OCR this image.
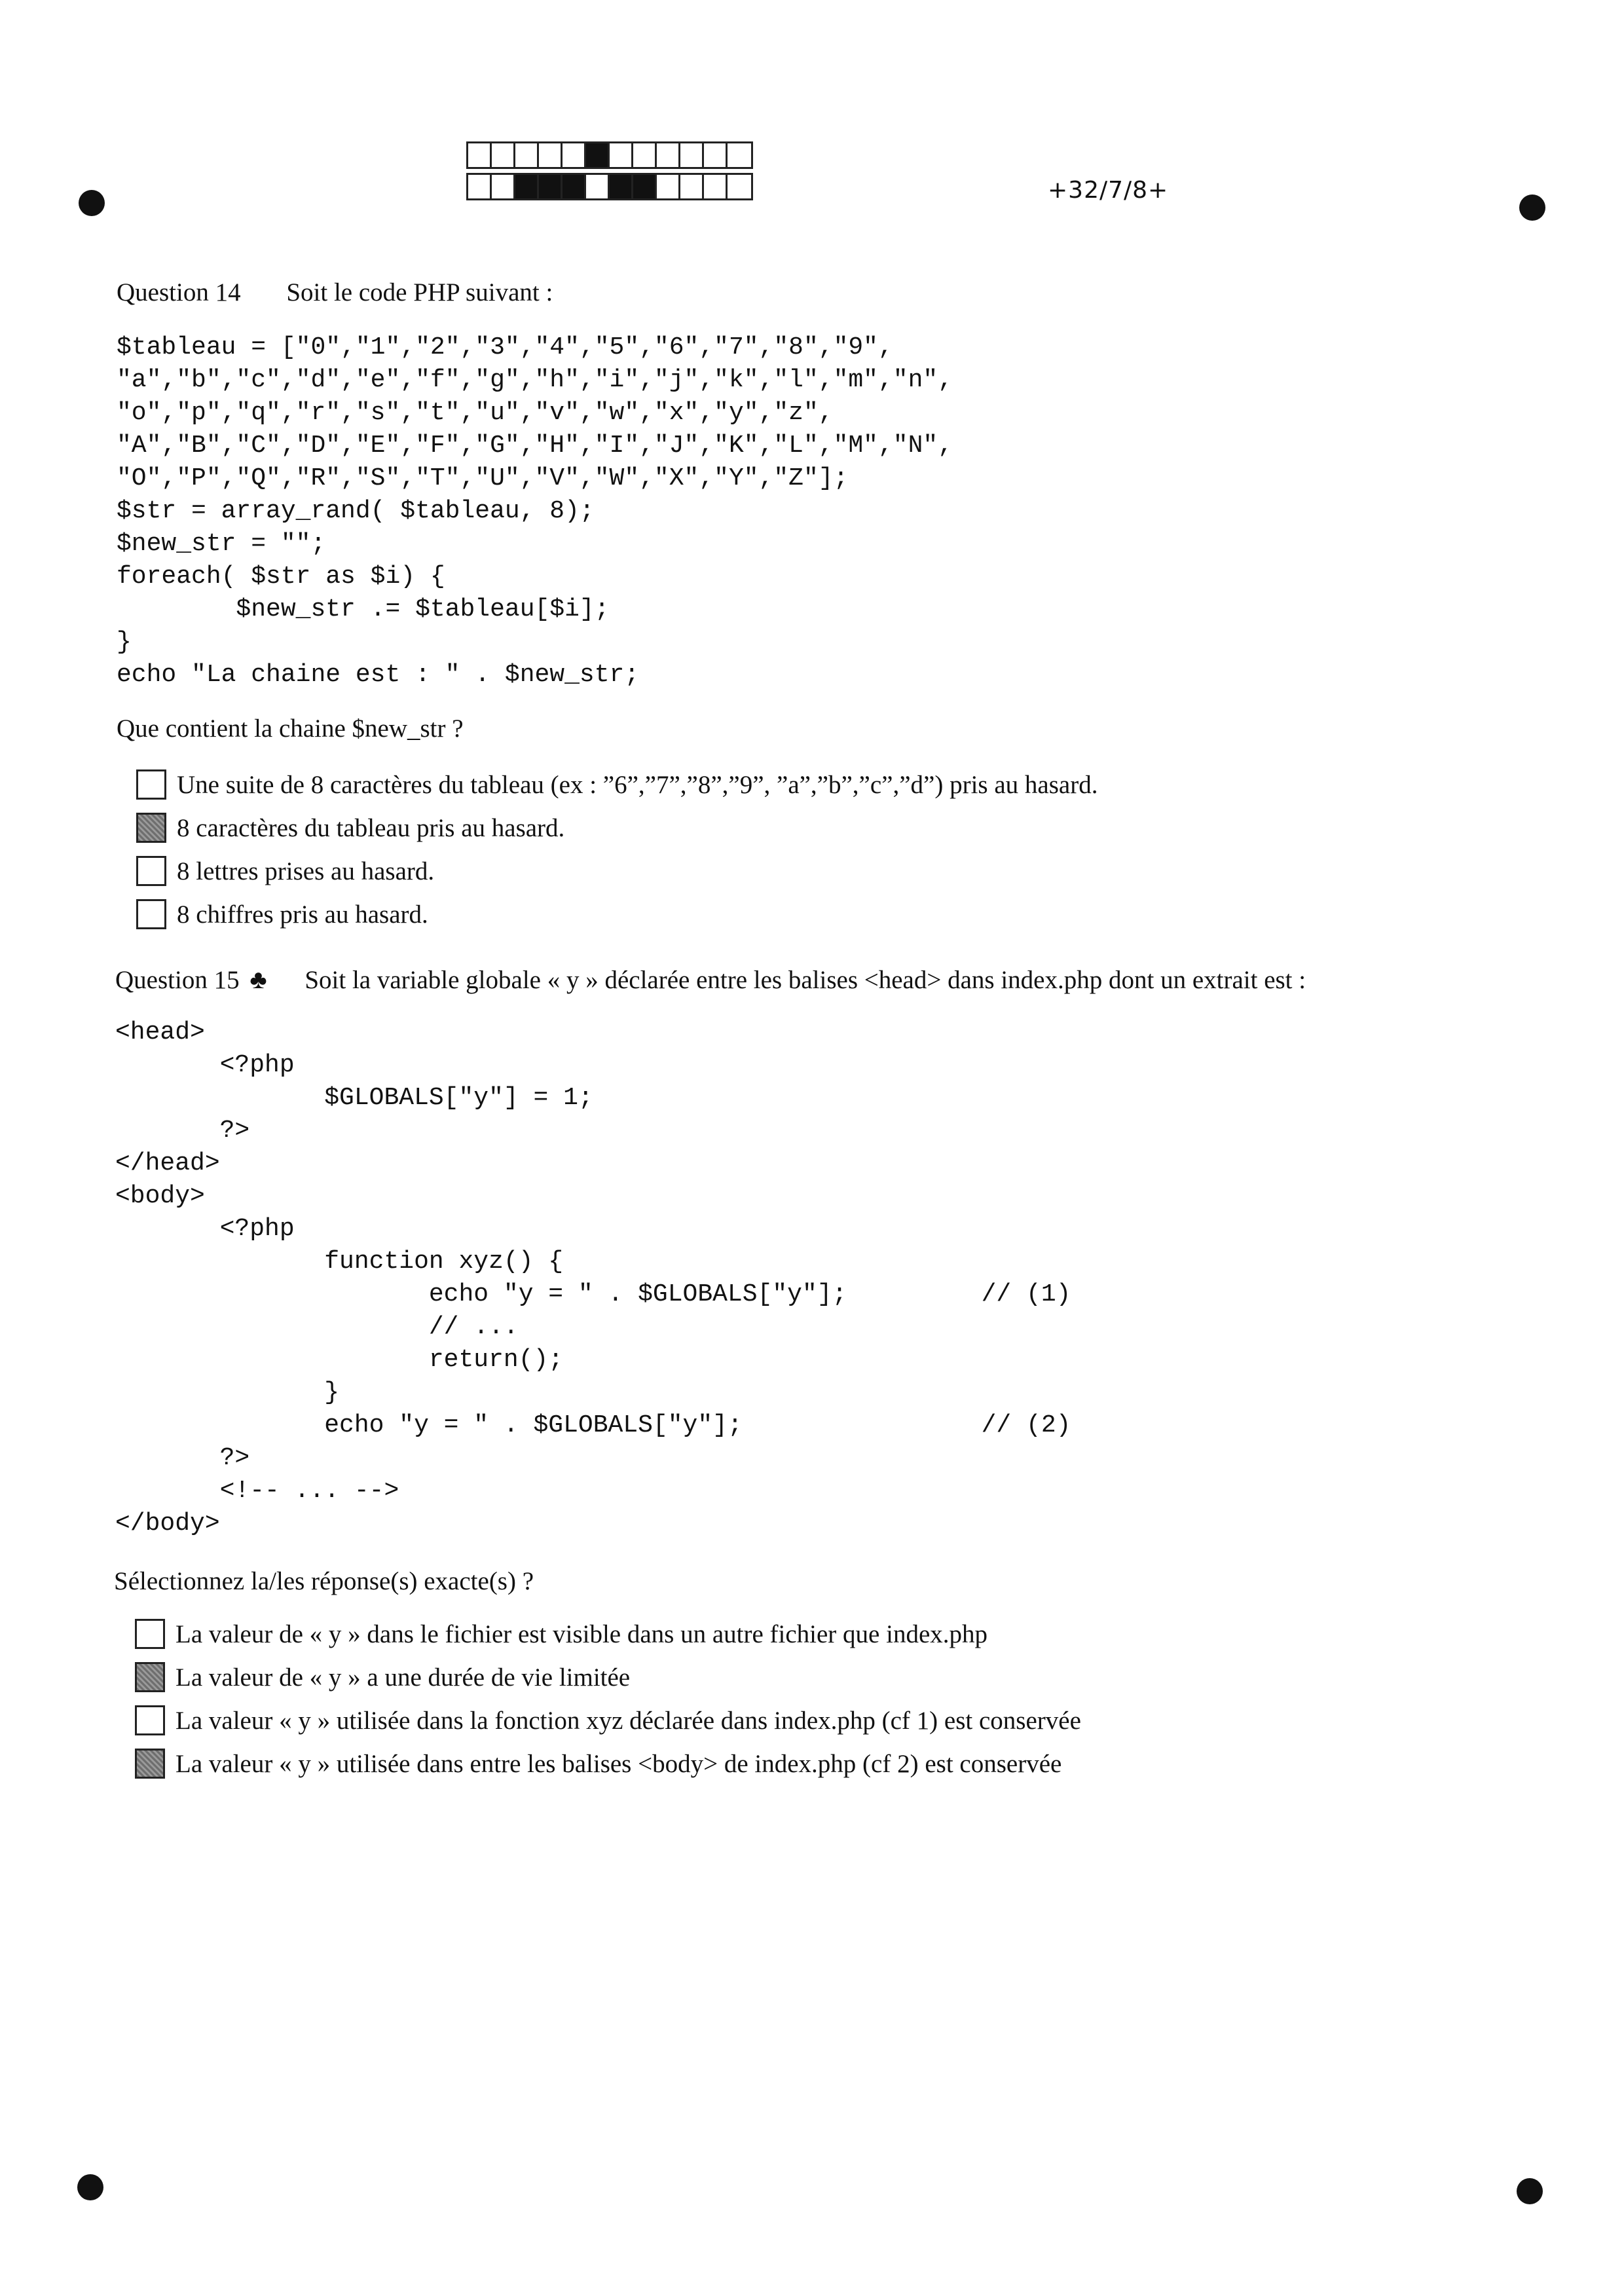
+32/7/8+
Question 14 Soit le code PHP suivant :
$tableau = ["0","1","2","3","4","5","6","7","8","9",
"a","b","c","d","e","f","g","h","i","j","k","l","m","n",
"o","p","q","r","s","t","u","v","w","x","y","z",
"A","B","C","D","E","F","G","H","I","J","K","L","M","N",
"O","P","Q","R","S","T","U","V","W","X","Y","Z"];
$str = array_rand( $tableau, 8);
$new_str = "";
foreach( $str as $i) {
$new_str .= $tableau[$i];
}
echo "La chaine est : " . $new_str;
Que contient la chaine $new_str ?
Une suite de 8 caractères du tableau (ex : ”6”,”7”,”8”,”9”, ”a”,”b”,”c”,”d”) pris au hasard.
8 caractères du tableau pris au hasard.
8 lettres prises au hasard.
8 chiffres pris au hasard.
Question 15 ♣ Soit la variable globale « y » déclarée entre les balises <head> dans index.php dont un extrait est :
<head>
<?php
$GLOBALS["y"] = 1;
?>
</head>
<body>
<?php
function xyz() {
echo "y = " . $GLOBALS["y"];         // (1)
// ...
return();
}
echo "y = " . $GLOBALS["y"];                // (2)
?>
<!-- ... -->
</body>
Sélectionnez la/les réponse(s) exacte(s) ?
La valeur de « y » dans le fichier est visible dans un autre fichier que index.php
La valeur de « y » a une durée de vie limitée
La valeur « y » utilisée dans la fonction xyz déclarée dans index.php (cf 1) est conservée
La valeur « y » utilisée dans entre les balises <body> de index.php (cf 2) est conservée
